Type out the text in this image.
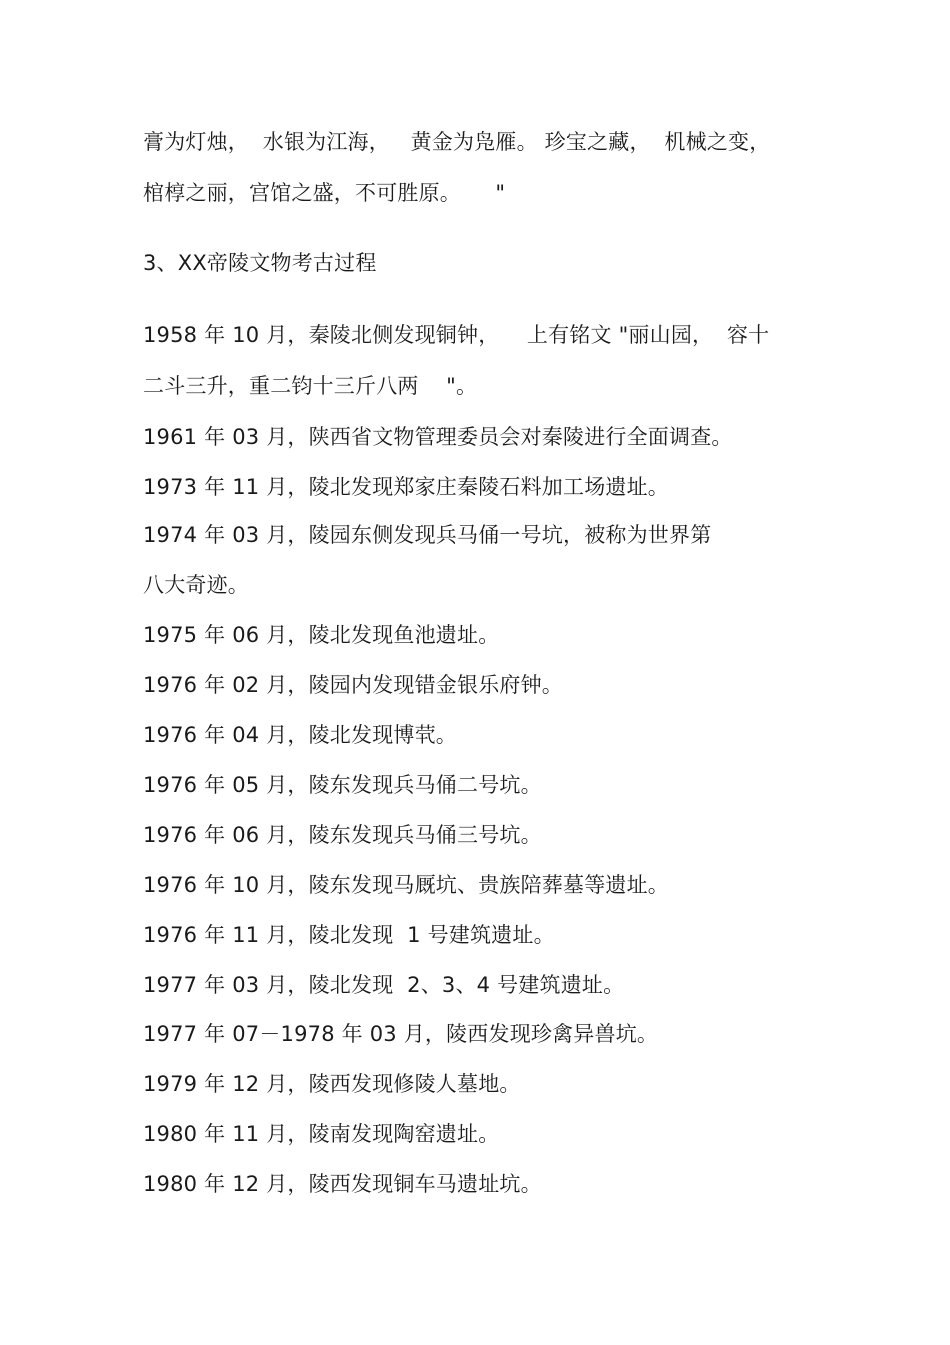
膏为灯烛，  水银为江海，   黄金为凫雁。 珍宝之藏，  机械之变，
棺椁之丽，宫馆之盛，不可胜原。     "
3、XX帝陵文物考古过程
1958 年 10 月，秦陵北侧发现铜钟，    上有铭文 "丽山园，  容十
二斗三升，重二钧十三斤八两    "。
1961 年 03 月，陕西省文物管理委员会对秦陵进行全面调查。
1973 年 11 月，陵北发现郑家庄秦陵石料加工场遗址。
1974 年 03 月，陵园东侧发现兵马俑一号坑，被称为世界第
八大奇迹。
1975 年 06 月，陵北发现鱼池遗址。
1976 年 02 月，陵园内发现错金银乐府钟。
1976 年 04 月，陵北发现博茕。
1976 年 05 月，陵东发现兵马俑二号坑。
1976 年 06 月，陵东发现兵马俑三号坑。
1976 年 10 月，陵东发现马厩坑、贵族陪葬墓等遗址。
1976 年 11 月，陵北发现  1 号建筑遗址。
1977 年 03 月，陵北发现  2、3、4 号建筑遗址。
1977 年 07－1978 年 03 月，陵西发现珍禽异兽坑。
1979 年 12 月，陵西发现修陵人墓地。
1980 年 11 月，陵南发现陶窑遗址。
1980 年 12 月，陵西发现铜车马遗址坑。
